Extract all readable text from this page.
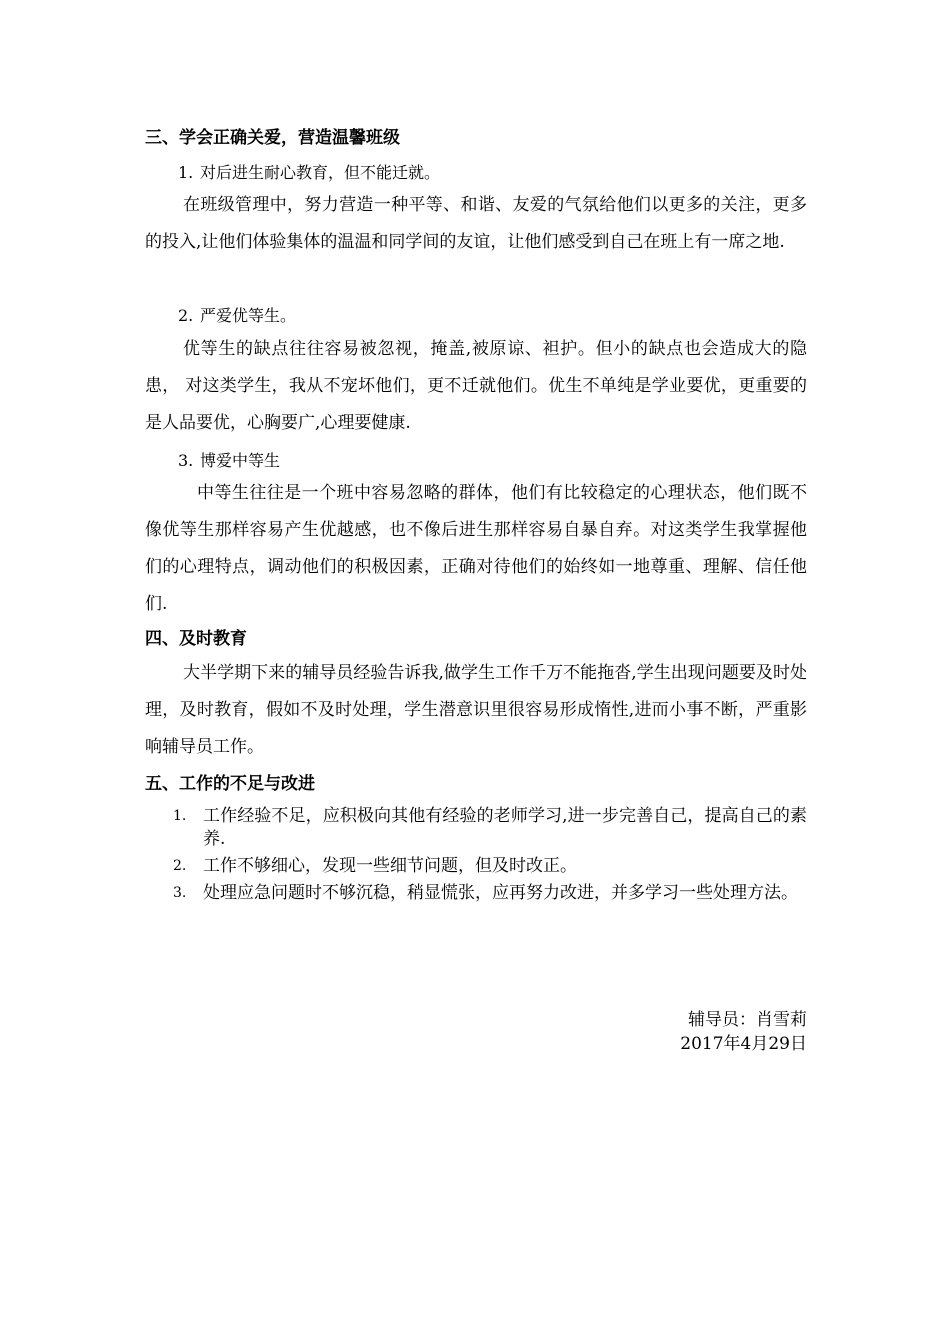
三、学会正确关爱，营造温馨班级

1. 对后进生耐心教育，但不能迁就。

在班级管理中，努力营造一种平等、和谐、友爱的气氛给他们以更多的关注，更多的投入,让他们体验集体的温温和同学间的友谊，让他们感受到自己在班上有一席之地.

2. 严爱优等生。

优等生的缺点往往容易被忽视，掩盖,被原谅、袒护。但小的缺点也会造成大的隐患， 对这类学生，我从不宠坏他们，更不迁就他们。优生不单纯是学业要优，更重要的是人品要优，心胸要广,心理要健康.

3. 博爱中等生

中等生往往是一个班中容易忽略的群体，他们有比较稳定的心理状态，他们既不像优等生那样容易产生优越感，也不像后进生那样容易自暴自弃。对这类学生我掌握他们的心理特点，调动他们的积极因素，正确对待他们的始终如一地尊重、理解、信任他们.

四、及时教育

大半学期下来的辅导员经验告诉我,做学生工作千万不能拖沓,学生出现问题要及时处理，及时教育，假如不及时处理，学生潜意识里很容易形成惰性,进而小事不断，严重影响辅导员工作。

五、工作的不足与改进
1. 工作经验不足，应积极向其他有经验的老师学习,进一步完善自己，提高自己的素养.
2. 工作不够细心，发现一些细节问题，但及时改正。
3. 处理应急问题时不够沉稳，稍显慌张，应再努力改进，并多学习一些处理方法。

辅导员：肖雪莉

2017年4月29日
